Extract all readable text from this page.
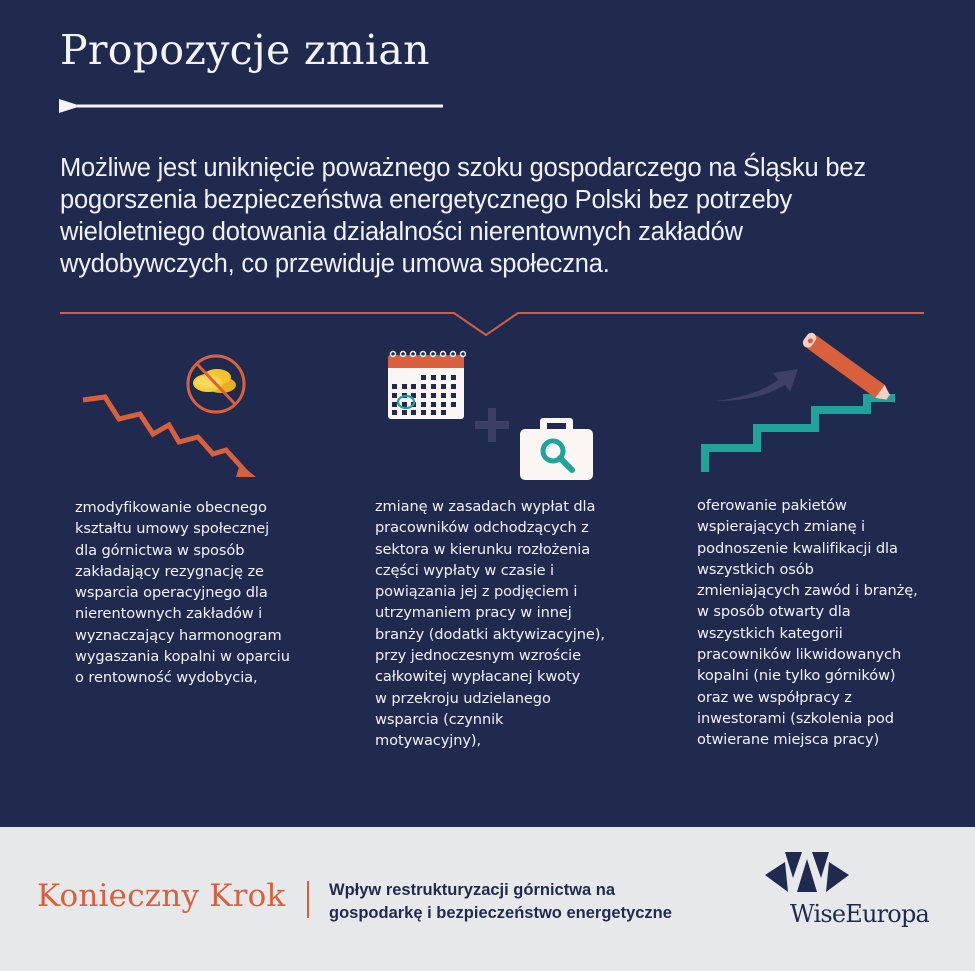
Propozycje zmian

Możliwe jest uniknięcie poważnego szoku gospodarczego na Śląsku bez pogorszenia bezpieczeństwa energetycznego Polski bez potrzeby wieloletniego dotowania działalności nierentownych zakładów wydobywczych, co przewiduje umowa społeczna.

zmodyfikowanie obecnego
kształtu umowy społecznej
dla górnictwa w sposób
zakładający rezygnację ze
wsparcia operacyjnego dla
nierentownych zakładów i
wyznaczający harmonogram
wygaszania kopalni w oparciu
o rentowność wydobycia,

zmianę w zasadach wypłat dla
pracowników odchodzących z
sektora w kierunku rozłożenia
części wypłaty w czasie i
powiązania jej z podjęciem i
utrzymaniem pracy w innej
branży (dodatki aktywizacyjne),
przy jednoczesnym wzroście
całkowitej wypłacanej kwoty
w przekroju udzielanego
wsparcia (czynnik
motywacyjny),

oferowanie pakietów
wspierających zmianę i
podnoszenie kwalifikacji dla
wszystkich osób
zmieniających zawód i branżę,
w sposób otwarty dla
wszystkich kategorii
pracowników likwidowanych
kopalni (nie tylko górników)
oraz we współpracy z
inwestorami (szkolenia pod
otwierane miejsca pracy)

Konieczny Krok	Wpływ restrukturyzacji górnictwa na
gospodarkę i bezpieczeństwo energetyczne	WiseEuropa
